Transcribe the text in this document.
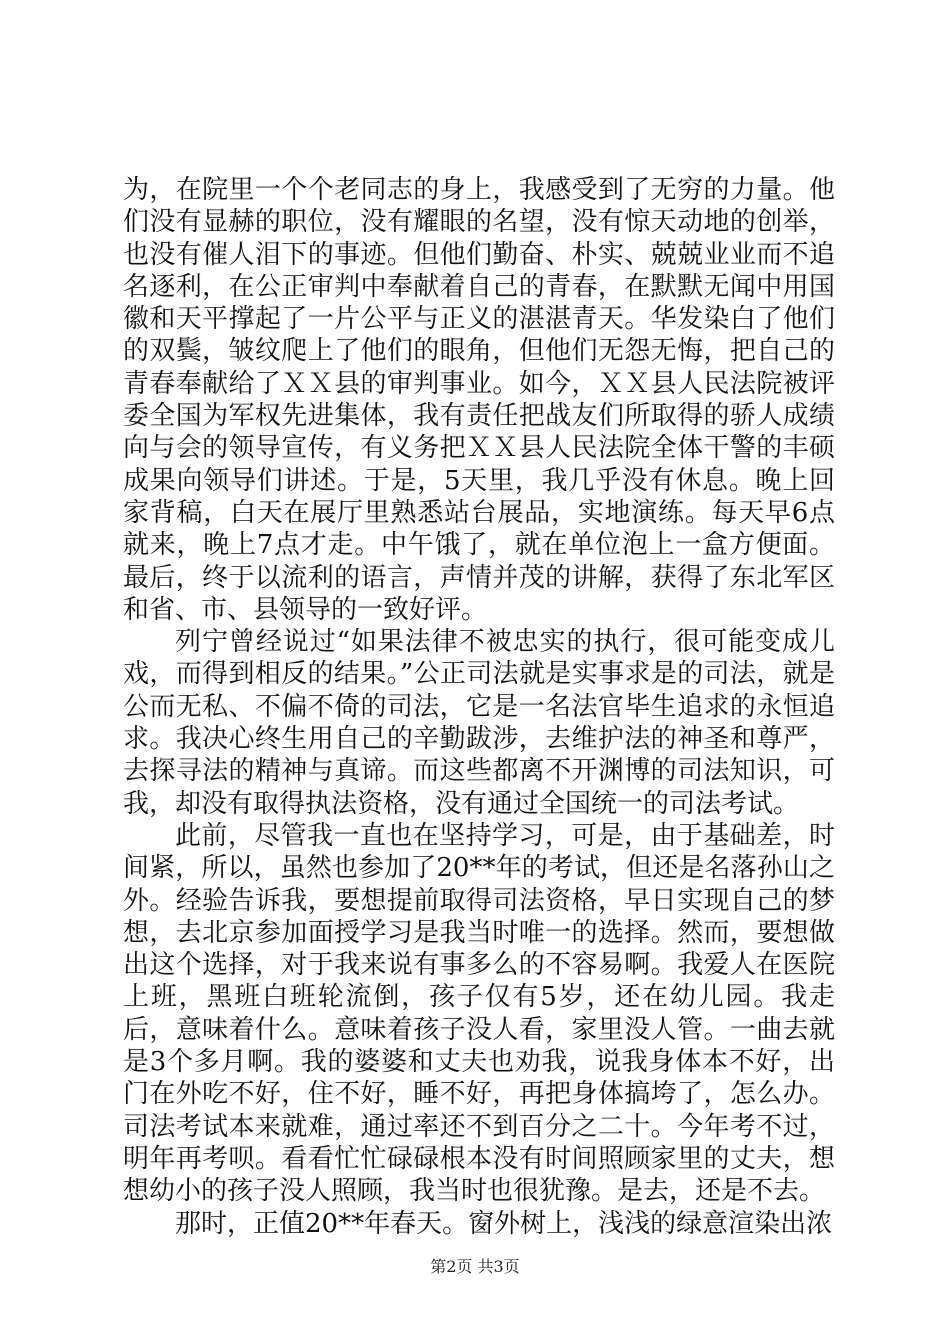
为，在院里一个个老同志的身上，我感受到了无穷的力量。他们没有显赫的职位，没有耀眼的名望，没有惊天动地的创举，也没有催人泪下的事迹。但他们勤奋、朴实、兢兢业业而不追名逐利，在公正审判中奉献着自己的青春，在默默无闻中用国徽和天平撑起了一片公平与正义的湛湛青天。华发染白了他们的双鬓，皱纹爬上了他们的眼角，但他们无怨无悔，把自己的青春奉献给了ＸＸ县的审判事业。如今，ＸＸ县人民法院被评委全国为军权先进集体，我有责任把战友们所取得的骄人成绩向与会的领导宣传，有义务把ＸＸ县人民法院全体干警的丰硕成果向领导们讲述。于是，5天里，我几乎没有休息。晚上回家背稿，白天在展厅里熟悉站台展品，实地演练。每天早6点就来，晚上7点才走。中午饿了，就在单位泡上一盒方便面。最后，终于以流利的语言，声情并茂的讲解，获得了东北军区和省、市、县领导的一致好评。

列宁曾经说过“如果法律不被忠实的执行，很可能变成儿戏，而得到相反的结果。”公正司法就是实事求是的司法，就是公而无私、不偏不倚的司法，它是一名法官毕生追求的永恒追求。我决心终生用自己的辛勤跋涉，去维护法的神圣和尊严，去探寻法的精神与真谛。而这些都离不开渊博的司法知识，可我，却没有取得执法资格，没有通过全国统一的司法考试。

此前，尽管我一直也在坚持学习，可是，由于基础差，时间紧，所以，虽然也参加了20**年的考试，但还是名落孙山之外。经验告诉我，要想提前取得司法资格，早日实现自己的梦想，去北京参加面授学习是我当时唯一的选择。然而，要想做出这个选择，对于我来说有事多么的不容易啊。我爱人在医院上班，黑班白班轮流倒，孩子仅有5岁，还在幼儿园。我走后，意味着什么。意味着孩子没人看，家里没人管。一曲去就是3个多月啊。我的婆婆和丈夫也劝我，说我身体本不好，出门在外吃不好，住不好，睡不好，再把身体搞垮了，怎么办。司法考试本来就难，通过率还不到百分之二十。今年考不过，明年再考呗。看看忙忙碌碌根本没有时间照顾家里的丈夫，想想幼小的孩子没人照顾，我当时也很犹豫。是去，还是不去。

那时，正值20**年春天。窗外树上，浅浅的绿意渲染出浓

第2页 共3页
